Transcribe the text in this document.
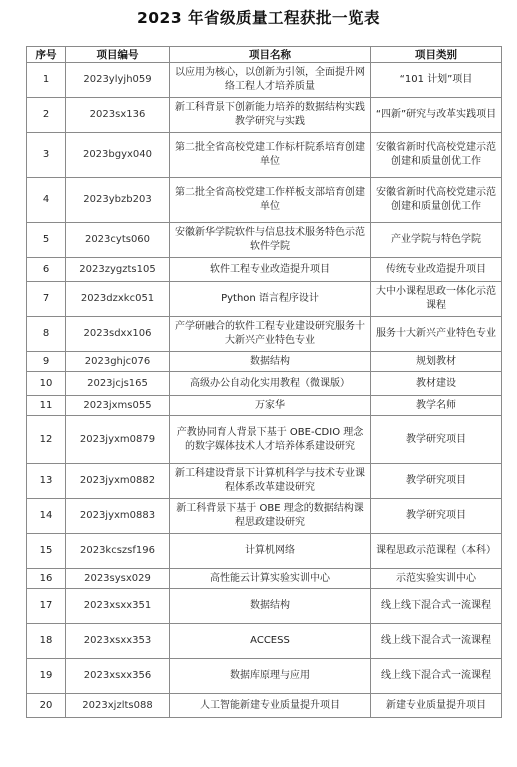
2023 年省级质量工程获批一览表
序号	项目编号	项目名称	项目类别
1	2023ylyjh059	以应用为核心，以创新为引领，全面提升网络工程人才培养质量	“101 计划”项目
2	2023sx136	新工科背景下创新能力培养的数据结构实践教学研究与实践	“四新”研究与改革实践项目
3	2023bgyx040	第二批全省高校党建工作标杆院系培育创建单位	安徽省新时代高校党建示范创建和质量创优工作
4	2023ybzb203	第二批全省高校党建工作样板支部培育创建单位	安徽省新时代高校党建示范创建和质量创优工作
5	2023cyts060	安徽新华学院软件与信息技术服务特色示范软件学院	产业学院与特色学院
6	2023zygzts105	软件工程专业改造提升项目	传统专业改造提升项目
7	2023dzxkc051	Python 语言程序设计	大中小课程思政一体化示范课程
8	2023sdxx106	产学研融合的软件工程专业建设研究服务十大新兴产业特色专业	服务十大新兴产业特色专业
9	2023ghjc076	数据结构	规划教材
10	2023jcjs165	高级办公自动化实用教程（微课版）	教材建设
11	2023jxms055	万家华	教学名师
12	2023jyxm0879	产教协同育人背景下基于 OBE-CDIO 理念的数字媒体技术人才培养体系建设研究	教学研究项目
13	2023jyxm0882	新工科建设背景下计算机科学与技术专业课程体系改革建设研究	教学研究项目
14	2023jyxm0883	新工科背景下基于 OBE 理念的数据结构课程思政建设研究	教学研究项目
15	2023kcszsf196	计算机网络	课程思政示范课程（本科）
16	2023sysx029	高性能云计算实验实训中心	示范实验实训中心
17	2023xsxx351	数据结构	线上线下混合式一流课程
18	2023xsxx353	ACCESS	线上线下混合式一流课程
19	2023xsxx356	数据库原理与应用	线上线下混合式一流课程
20	2023xjzlts088	人工智能新建专业质量提升项目	新建专业质量提升项目
